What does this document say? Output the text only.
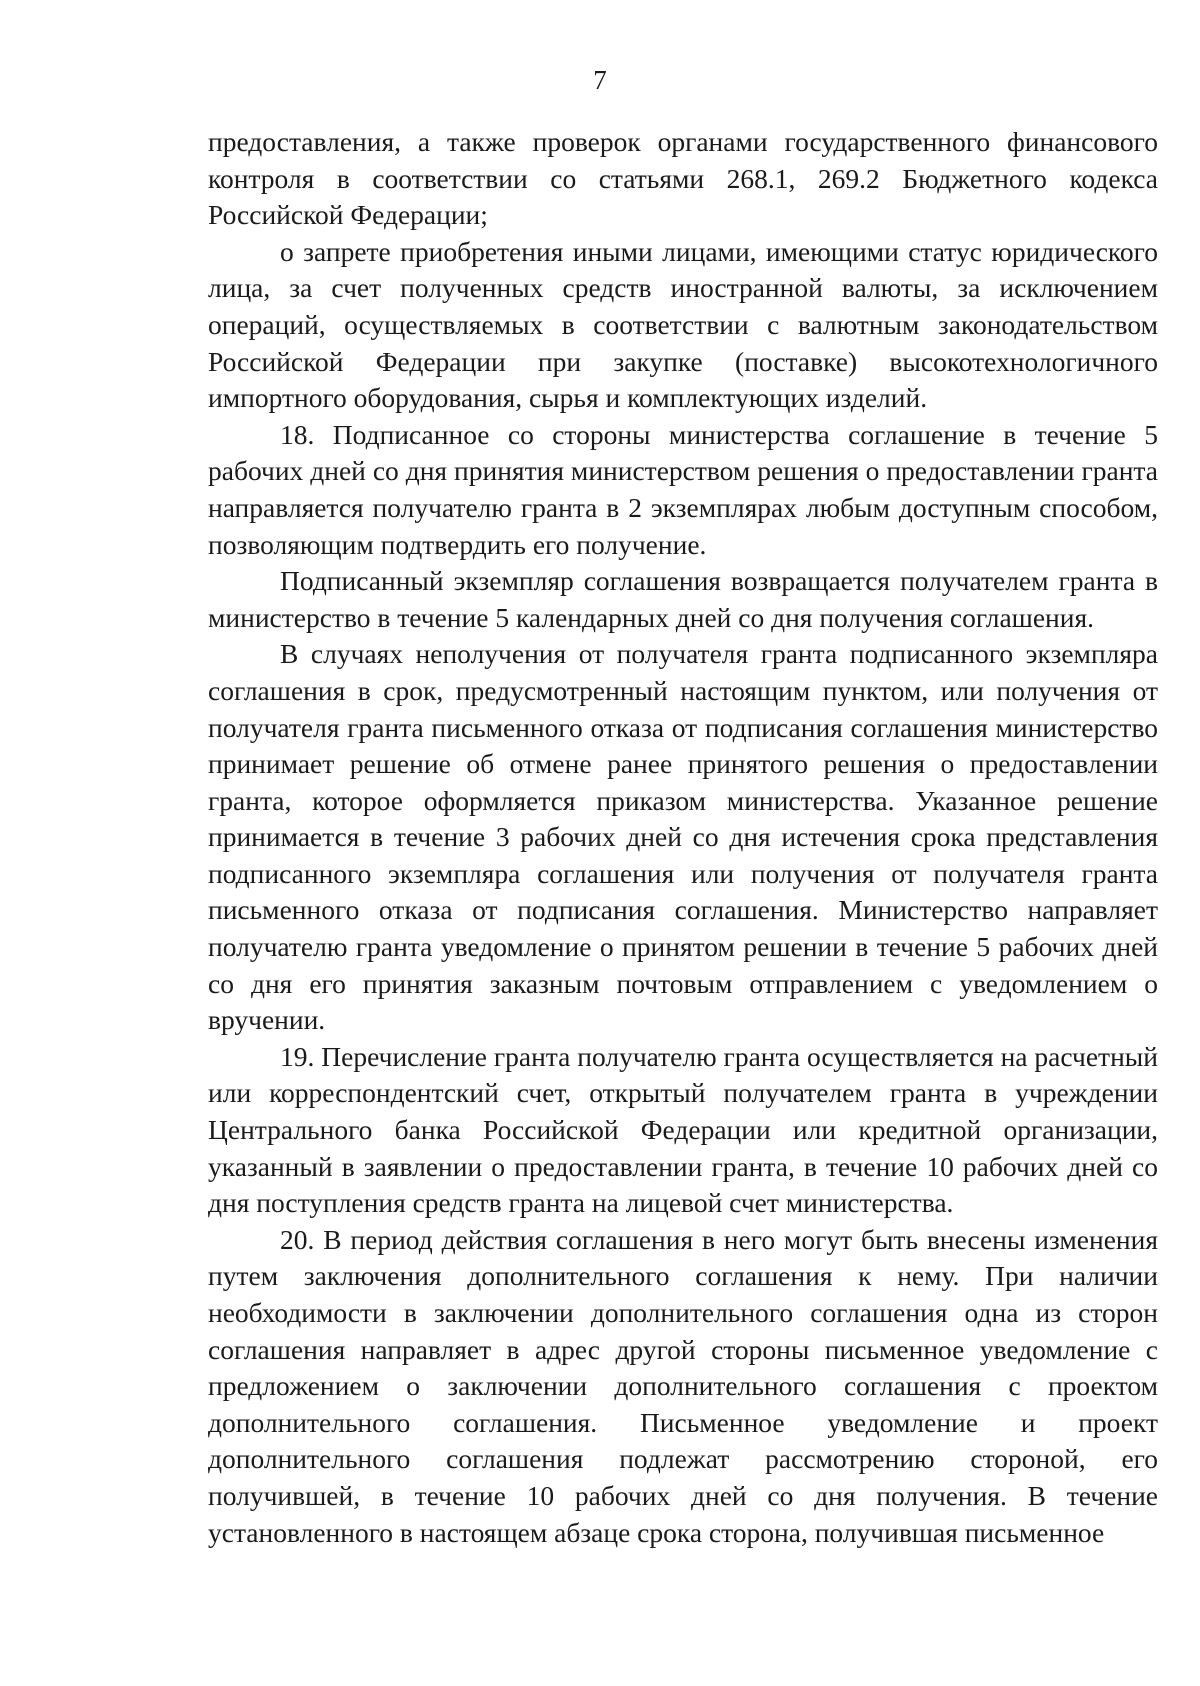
7

предоставления, а также проверок органами государственного финансового контроля в соответствии со статьями 268.1, 269.2 Бюджетного кодекса Российской Федерации;

о запрете приобретения иными лицами, имеющими статус юридического лица, за счет полученных средств иностранной валюты, за исключением операций, осуществляемых в соответствии с валютным законодательством Российской Федерации при закупке (поставке) высокотехнологичного импортного оборудования, сырья и комплектующих изделий.

18. Подписанное со стороны министерства соглашение в течение 5 рабочих дней со дня принятия министерством решения о предоставлении гранта направляется получателю гранта в 2 экземплярах любым доступным способом, позволяющим подтвердить его получение.

Подписанный экземпляр соглашения возвращается получателем гранта в министерство в течение 5 календарных дней со дня получения соглашения.

В случаях неполучения от получателя гранта подписанного экземпляра соглашения в срок, предусмотренный настоящим пунктом, или получения от получателя гранта письменного отказа от подписания соглашения министерство принимает решение об отмене ранее принятого решения о предоставлении гранта, которое оформляется приказом министерства. Указанное решение принимается в течение 3 рабочих дней со дня истечения срока представления подписанного экземпляра соглашения или получения от получателя гранта письменного отказа от подписания соглашения. Министерство направляет получателю гранта уведомление о принятом решении в течение 5 рабочих дней со дня его принятия заказным почтовым отправлением с уведомлением о вручении.

19. Перечисление гранта получателю гранта осуществляется на расчетный или корреспондентский счет, открытый получателем гранта в учреждении Центрального банка Российской Федерации или кредитной организации, указанный в заявлении о предоставлении гранта, в течение 10 рабочих дней со дня поступления средств гранта на лицевой счет министерства.

20. В период действия соглашения в него могут быть внесены изменения путем заключения дополнительного соглашения к нему. При наличии необходимости в заключении дополнительного соглашения одна из сторон соглашения направляет в адрес другой стороны письменное уведомление с предложением о заключении дополнительного соглашения с проектом дополнительного соглашения. Письменное уведомление и проект дополнительного соглашения подлежат рассмотрению стороной, его получившей, в течение 10 рабочих дней со дня получения. В течение установленного в настоящем абзаце срока сторона, получившая письменное
